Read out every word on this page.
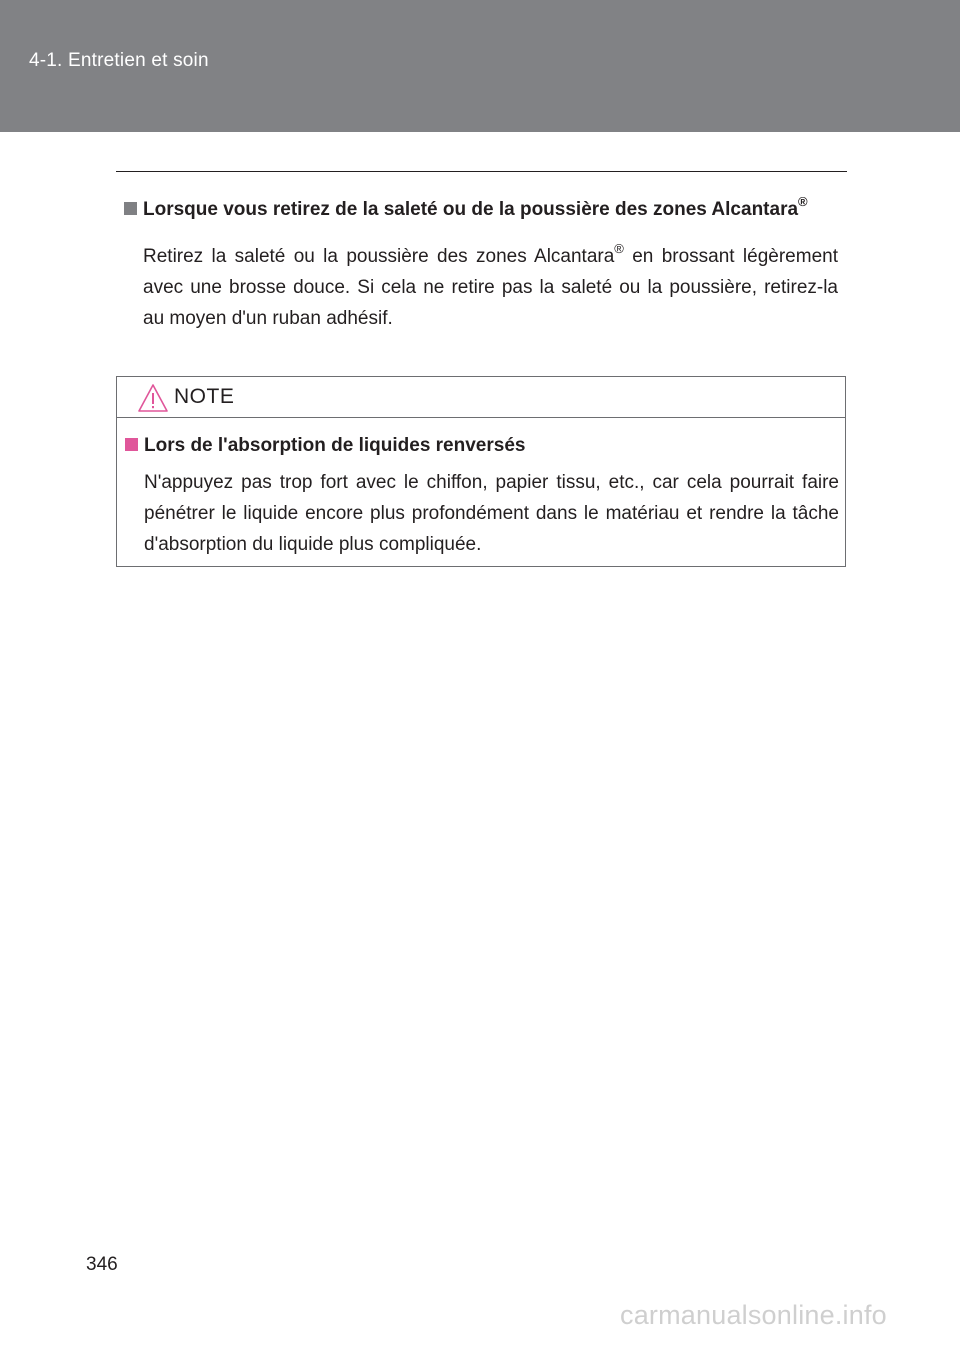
4-1. Entretien et soin
Lorsque vous retirez de la saleté ou de la poussière des zones Alcantara®
Retirez la saleté ou la poussière des zones Alcantara® en brossant légèrement avec une brosse douce. Si cela ne retire pas la saleté ou la poussière, retirez-la au moyen d'un ruban adhésif.
NOTE
Lors de l'absorption de liquides renversés
N'appuyez pas trop fort avec le chiffon, papier tissu, etc., car cela pourrait faire pénétrer le liquide encore plus profondément dans le matériau et rendre la tâche d'absorption du liquide plus compliquée.
346
carmanualsonline.info
